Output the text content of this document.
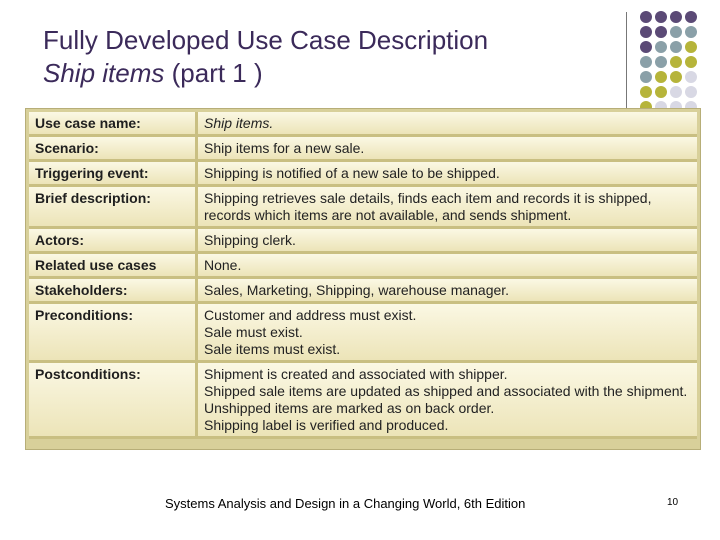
Fully Developed Use Case Description
Ship items (part 1 )
Use case name:	Ship items.

Scenario:	Ship items for a new sale.

Triggering event:	Shipping is notified of a new sale to be shipped.

Brief description:	Shipping retrieves sale details, finds each item and records it is shipped,
records which items are not available, and sends shipment.

Actors:	Shipping clerk.

Related use cases	None.

Stakeholders:	Sales, Marketing, Shipping, warehouse manager.

Preconditions:	Customer and address must exist.
Sale must exist.
Sale items must exist.

Postconditions:	Shipment is created and associated with shipper.
Shipped sale items are updated as shipped and associated with the shipment.
Unshipped items are marked as on back order.
Shipping label is verified and produced.
Systems Analysis and Design in a Changing World, 6th Edition	10
